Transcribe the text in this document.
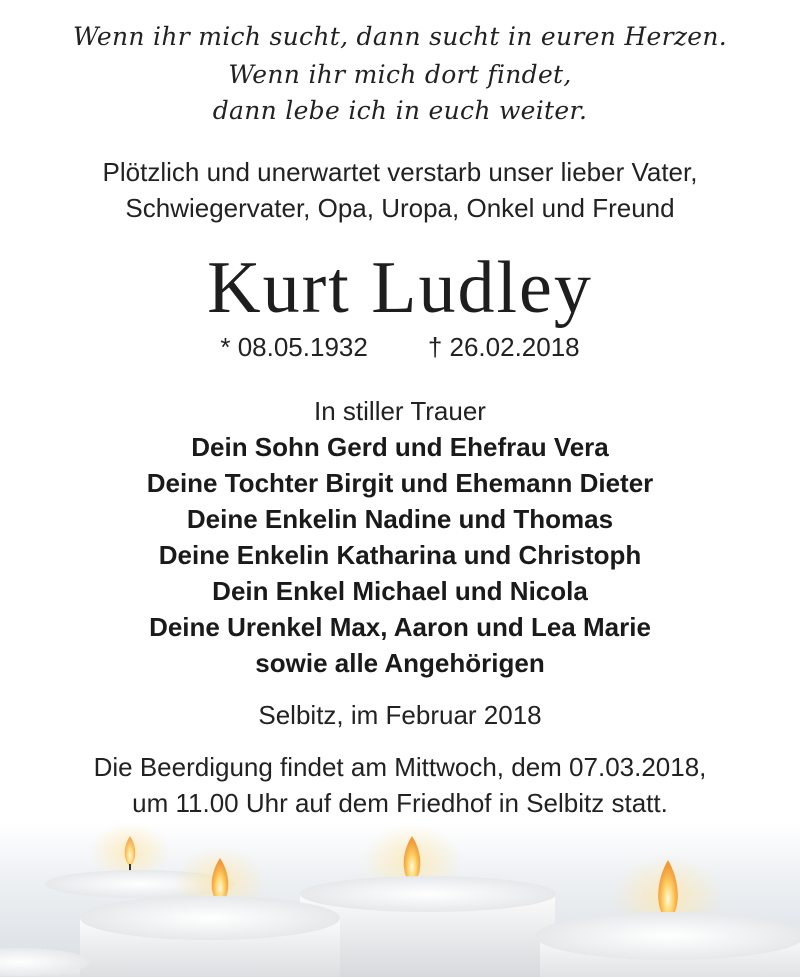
Wenn ihr mich sucht, dann sucht in euren Herzen.
Wenn ihr mich dort findet,
dann lebe ich in euch weiter.
Plötzlich und unerwartet verstarb unser lieber Vater,
Schwiegervater, Opa, Uropa, Onkel und Freund
Kurt Ludley
* 08.05.1932 † 26.02.2018
In stiller Trauer
Dein Sohn Gerd und Ehefrau Vera
Deine Tochter Birgit und Ehemann Dieter
Deine Enkelin Nadine und Thomas
Deine Enkelin Katharina und Christoph
Dein Enkel Michael und Nicola
Deine Urenkel Max, Aaron und Lea Marie
sowie alle Angehörigen
Selbitz, im Februar 2018
Die Beerdigung findet am Mittwoch, dem 07.03.2018,
um 11.00 Uhr auf dem Friedhof in Selbitz statt.
